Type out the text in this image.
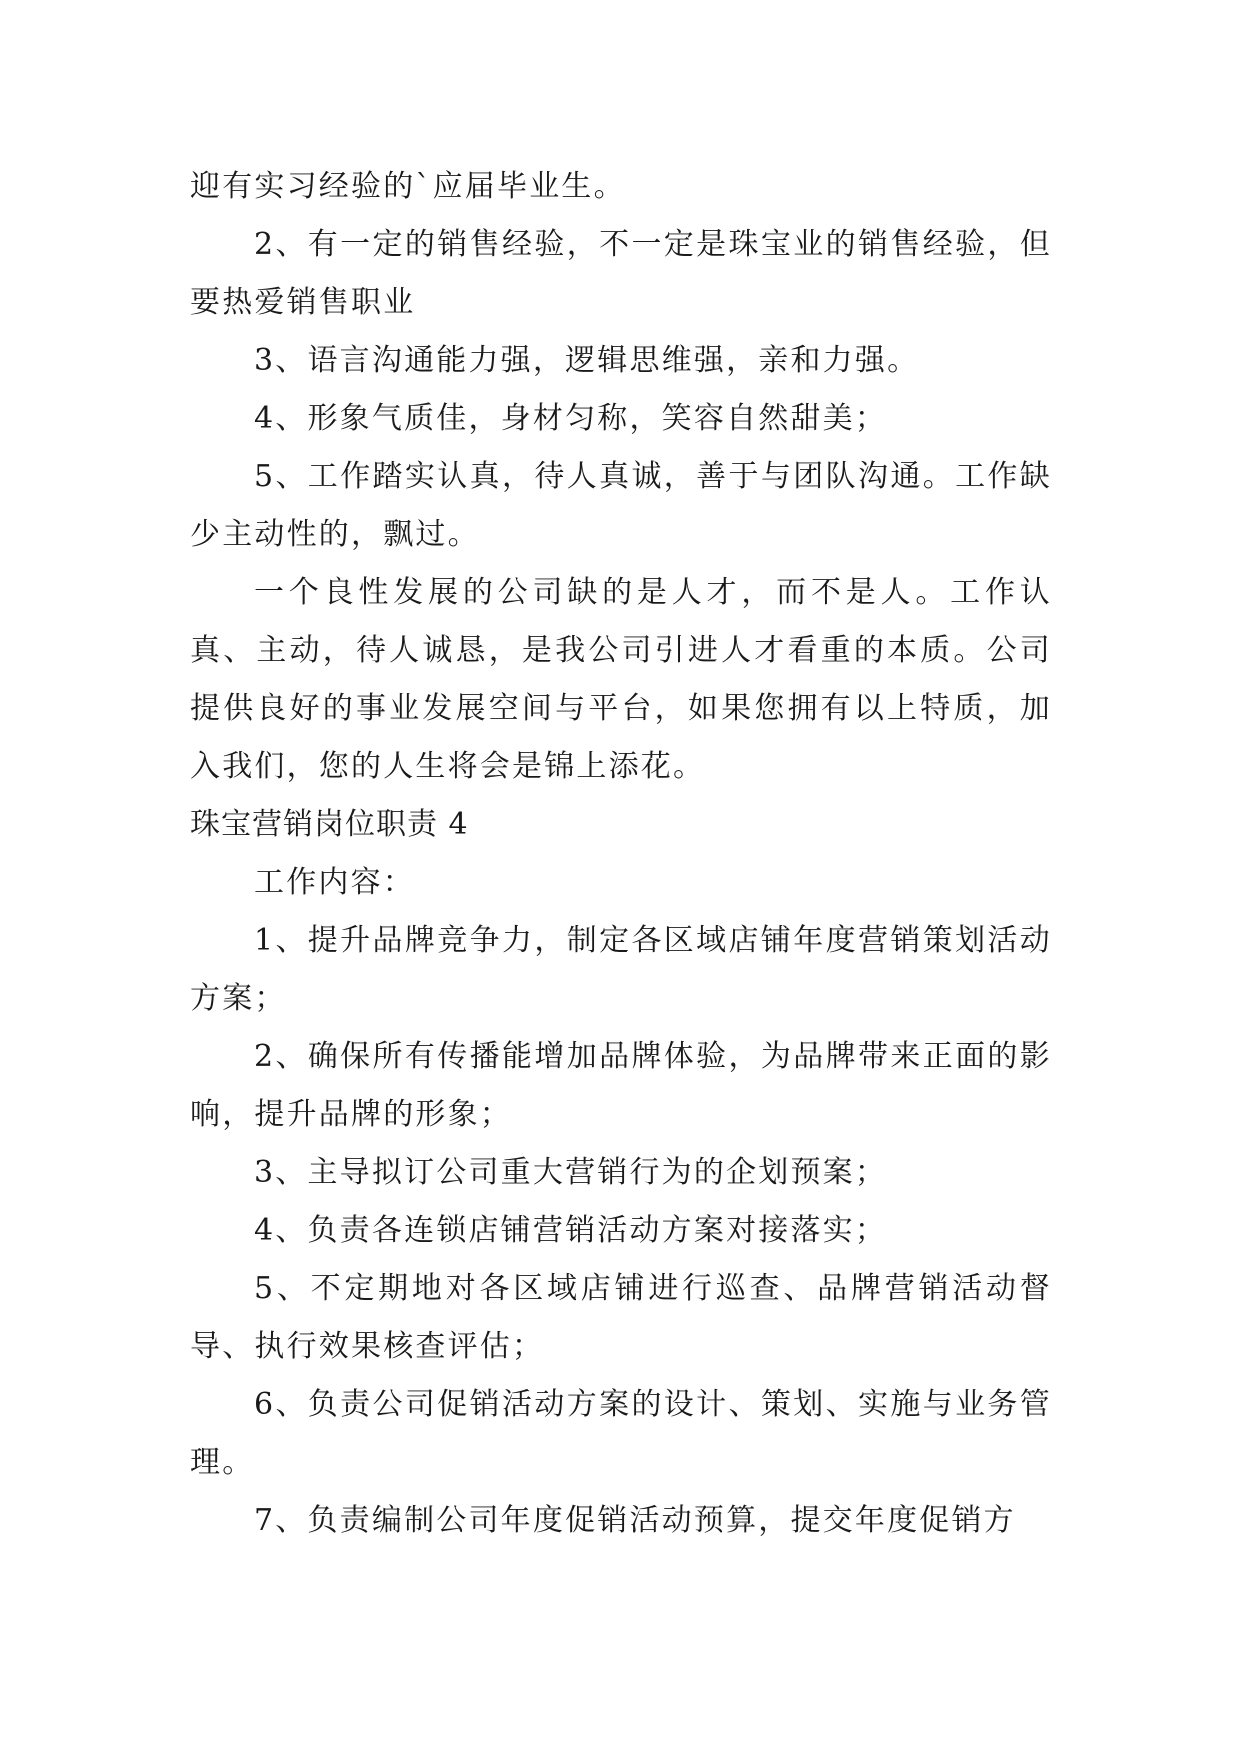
迎有实习经验的`应届毕业生。

2、有一定的销售经验，不一定是珠宝业的销售经验，但要热爱销售职业

3、语言沟通能力强，逻辑思维强，亲和力强。

4、形象气质佳，身材匀称，笑容自然甜美；

5、工作踏实认真，待人真诚，善于与团队沟通。工作缺少主动性的，飘过。

一个良性发展的公司缺的是人才，而不是人。工作认真、主动，待人诚恳，是我公司引进人才看重的本质。公司提供良好的事业发展空间与平台，如果您拥有以上特质，加入我们，您的人生将会是锦上添花。

珠宝营销岗位职责 4

工作内容：

1、提升品牌竞争力，制定各区域店铺年度营销策划活动方案；

2、确保所有传播能增加品牌体验，为品牌带来正面的影响，提升品牌的形象；

3、主导拟订公司重大营销行为的企划预案；

4、负责各连锁店铺营销活动方案对接落实；

5、不定期地对各区域店铺进行巡查、品牌营销活动督导、执行效果核查评估；

6、负责公司促销活动方案的设计、策划、实施与业务管理。

7、负责编制公司年度促销活动预算，提交年度促销方
